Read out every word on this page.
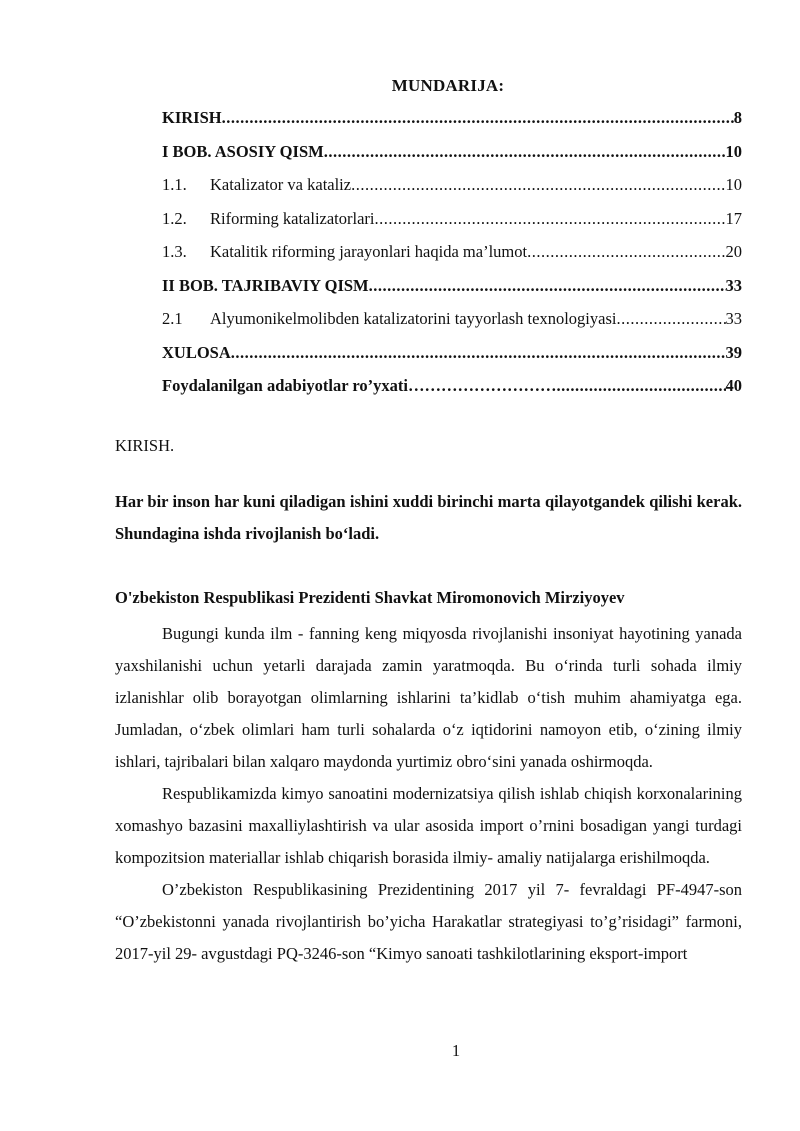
MUNDARIJA:
KIRISH .....	8
I BOB. ASOSIY QISM .....	10
1.1.	Katalizator va kataliz .....	10
1.2.	Riforming katalizatorlari .....	17
1.3.	Katalitik riforming jarayonlari haqida ma’lumot .....	20
II BOB. TAJRIBAVIY QISM .....	33
2.1	Alyumonikelmolibden katalizatorini tayyorlash texnologiyasi .....	33
XULOSA .....	39
Foydalanilgan adabiyotlar ro’yxati ……………………… .....	40
KIRISH.
Har bir inson har kuni qiladigan ishini xuddi birinchi marta qilayotgandek qilishi kerak. Shundagina ishda rivojlanish boʻladi.
O'zbekiston Respublikasi Prezidenti Shavkat Miromonovich Mirziyoyev

Bugungi kunda ilm - fanning keng miqyosda rivojlanishi insoniyat hayotining yanada yaxshilanishi uchun yetarli darajada zamin yaratmoqda. Bu oʻrinda turli sohada ilmiy izlanishlar olib borayotgan olimlarning ishlarini ta’kidlab oʻtish muhim ahamiyatga ega. Jumladan, oʻzbek olimlari ham turli sohalarda oʻz iqtidorini namoyon etib, oʻzining ilmiy ishlari, tajribalari bilan xalqaro maydonda yurtimiz obroʻsini yanada oshirmoqda.

Respublikamizda kimyo sanoatini modernizatsiya qilish ishlab chiqish korxonalarining xomashyo bazasini maxalliylashtirish va ular asosida import o’rnini bosadigan yangi turdagi kompozitsion materiallar ishlab chiqarish borasida ilmiy- amaliy natijalarga erishilmoqda.

O’zbekiston Respublikasining Prezidentining 2017 yil 7- fevraldagi PF-4947-son “O’zbekistonni yanada rivojlantirish bo’yicha Harakatlar strategiyasi to’g’risidagi” farmoni, 2017-yil 29- avgustdagi PQ-3246-son “Kimyo sanoati tashkilotlarining eksport-import

1
